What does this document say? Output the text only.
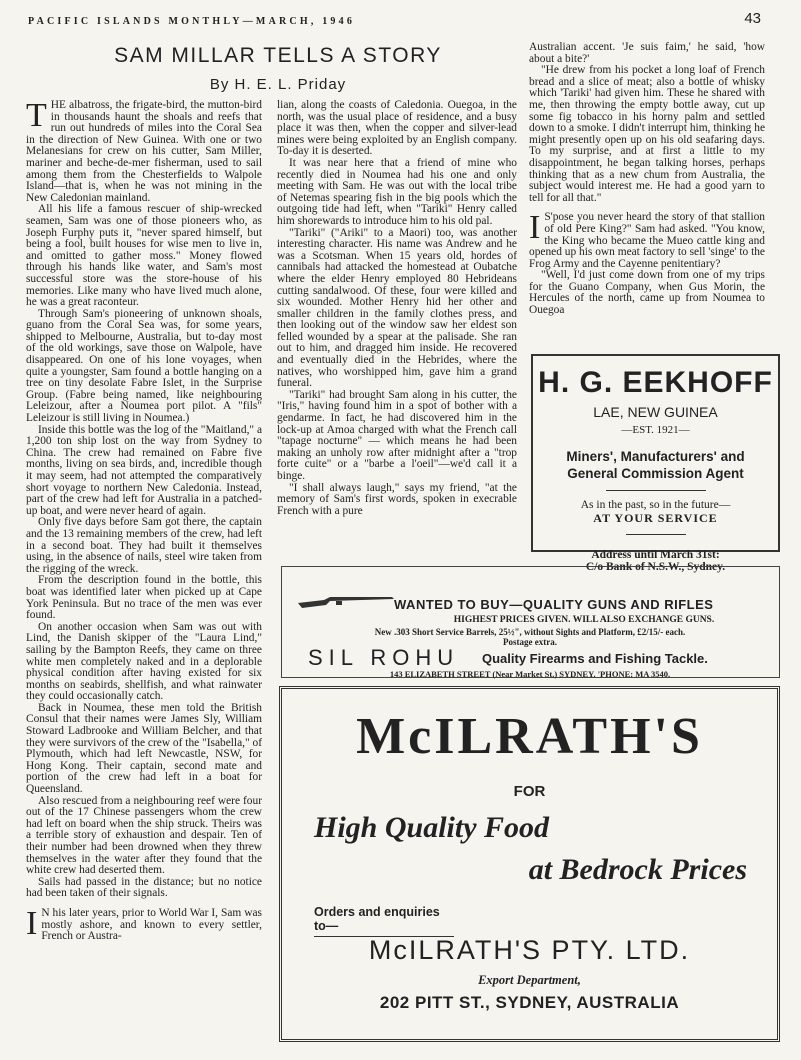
PACIFIC ISLANDS MONTHLY—MARCH, 1946	43
SAM MILLAR TELLS A STORY
By H. E. L. Priday

THE albatross, the frigate-bird, the mutton-bird in thousands haunt the shoals and reefs that run out hundreds of miles into the Coral Sea in the direction of New Guinea. With one or two Melanesians for crew on his cutter, Sam Miller, mariner and beche-de-mer fisherman, used to sail among them from the Chesterfields to Walpole Island—that is, when he was not mining in the New Caledonian mainland.

All his life a famous rescuer of ship-wrecked seamen, Sam was one of those pioneers who, as Joseph Furphy puts it, "never spared himself, but being a fool, built houses for wise men to live in, and omitted to gather moss." Money flowed through his hands like water, and Sam's most successful store was the store-house of his memories. Like many who have lived much alone, he was a great raconteur.

Through Sam's pioneering of unknown shoals, guano from the Coral Sea was, for some years, shipped to Melbourne, Australia, but to-day most of the old workings, save those on Walpole, have disappeared. On one of his lone voyages, when quite a youngster, Sam found a bottle hanging on a tree on tiny desolate Fabre Islet, in the Surprise Group. (Fabre being named, like neighbouring Leleizour, after a Noumea port pilot. A "fils" Leleizour is still living in Noumea.)

Inside this bottle was the log of the "Maitland," a 1,200 ton ship lost on the way from Sydney to China. The crew had remained on Fabre five months, living on sea birds, and, incredible though it may seem, had not attempted the comparatively short voyage to northern New Caledonia. Instead, part of the crew had left for Australia in a patched-up boat, and were never heard of again.

Only five days before Sam got there, the captain and the 13 remaining members of the crew, had left in a second boat. They had built it themselves using, in the absence of nails, steel wire taken from the rigging of the wreck.

From the description found in the bottle, this boat was identified later when picked up at Cape York Peninsula. But no trace of the men was ever found.

On another occasion when Sam was out with Lind, the Danish skipper of the "Laura Lind," sailing by the Bampton Reefs, they came on three white men completely naked and in a deplorable physical condition after having existed for six months on seabirds, shellfish, and what rainwater they could occasionally catch.

Back in Noumea, these men told the British Consul that their names were James Sly, William Stoward Ladbrooke and William Belcher, and that they were survivors of the crew of the "Isabella," of Plymouth, which had left Newcastle, NSW, for Hong Kong. Their captain, second mate and portion of the crew had left in a boat for Queensland.

Also rescued from a neighbouring reef were four out of the 17 Chinese passengers whom the crew had left on board when the ship struck. Theirs was a terrible story of exhaustion and despair. Ten of their number had been drowned when they threw themselves in the water after they found that the white crew had deserted them.

Sails had passed in the distance; but no notice had been taken of their signals.

I N his later years, prior to World War I, Sam was mostly ashore, and known to every settler, French or Austra-

lian, along the coasts of Caledonia. Ouegoa, in the north, was the usual place of residence, and a busy place it was then, when the copper and silver-lead mines were being exploited by an English company. To-day it is deserted.

It was near here that a friend of mine who recently died in Noumea had his one and only meeting with Sam. He was out with the local tribe of Netemas spearing fish in the big pools which the outgoing tide had left, when "Tariki" Henry called him shorewards to introduce him to his old pal.

"Tariki" ("Ariki" to a Maori) too, was another interesting character. His name was Andrew and he was a Scotsman. When 15 years old, hordes of cannibals had attacked the homestead at Oubatche where the elder Henry employed 80 Hebrideans cutting sandalwood. Of these, four were killed and six wounded. Mother Henry hid her other and smaller children in the family clothes press, and then looking out of the window saw her eldest son felled wounded by a spear at the palisade. She ran out to him, and dragged him inside. He recovered and eventually died in the Hebrides, where the natives, who worshipped him, gave him a grand funeral.

"Tariki" had brought Sam along in his cutter, the "Iris," having found him in a spot of bother with a gendarme. In fact, he had discovered him in the lock-up at Amoa charged with what the French call "tapage nocturne" — which means he had been making an unholy row after midnight after a "trop forte cuite" or a "barbe a l'oeil"—we'd call it a binge.

"I shall always laugh," says my friend, "at the memory of Sam's first words, spoken in execrable French with a pure

Australian accent. 'Je suis faim,' he said, 'how about a bite?'

"He drew from his pocket a long loaf of French bread and a slice of meat; also a bottle of whisky which 'Tariki' had given him. These he shared with me, then throwing the empty bottle away, cut up some fig tobacco in his horny palm and settled down to a smoke. I didn't interrupt him, thinking he might presently open up on his old seafaring days. To my surprise, and at first a little to my disappointment, he began talking horses, perhaps thinking that as a new chum from Australia, the subject would interest me. He had a good yarn to tell for all that."

I S'pose you never heard the story of that stallion of old Pere King?" Sam had asked. "You know, the King who became the Mueo cattle king and opened up his own meat factory to sell 'singe' to the Frog Army and the Cayenne penitentiary?

"Well, I'd just come down from one of my trips for the Guano Company, when Gus Morin, the Hercules of the north, came up from Noumea to Ouegoa

H. G. EEKHOFF
LAE, NEW GUINEA
—EST. 1921—
Miners', Manufacturers' and
General Commission Agent
As in the past, so in the future—
AT YOUR SERVICE
Address until March 31st:
C/o Bank of N.S.W., Sydney.
WANTED TO BUY—QUALITY GUNS AND RIFLES
HIGHEST PRICES GIVEN. WILL ALSO EXCHANGE GUNS.
New .303 Short Service Barrels, 25½", without Sights and Platform, £2/15/- each.
Postage extra.
SIL ROHU Quality Firearms and Fishing Tackle.
143 ELIZABETH STREET (Near Market St.) SYDNEY. 'PHONE: MA 3540.
McILRATH'S
FOR
High Quality Food
at Bedrock Prices
Orders and enquiries to—
McILRATH'S PTY. LTD.
Export Department,
202 PITT ST., SYDNEY, AUSTRALIA
